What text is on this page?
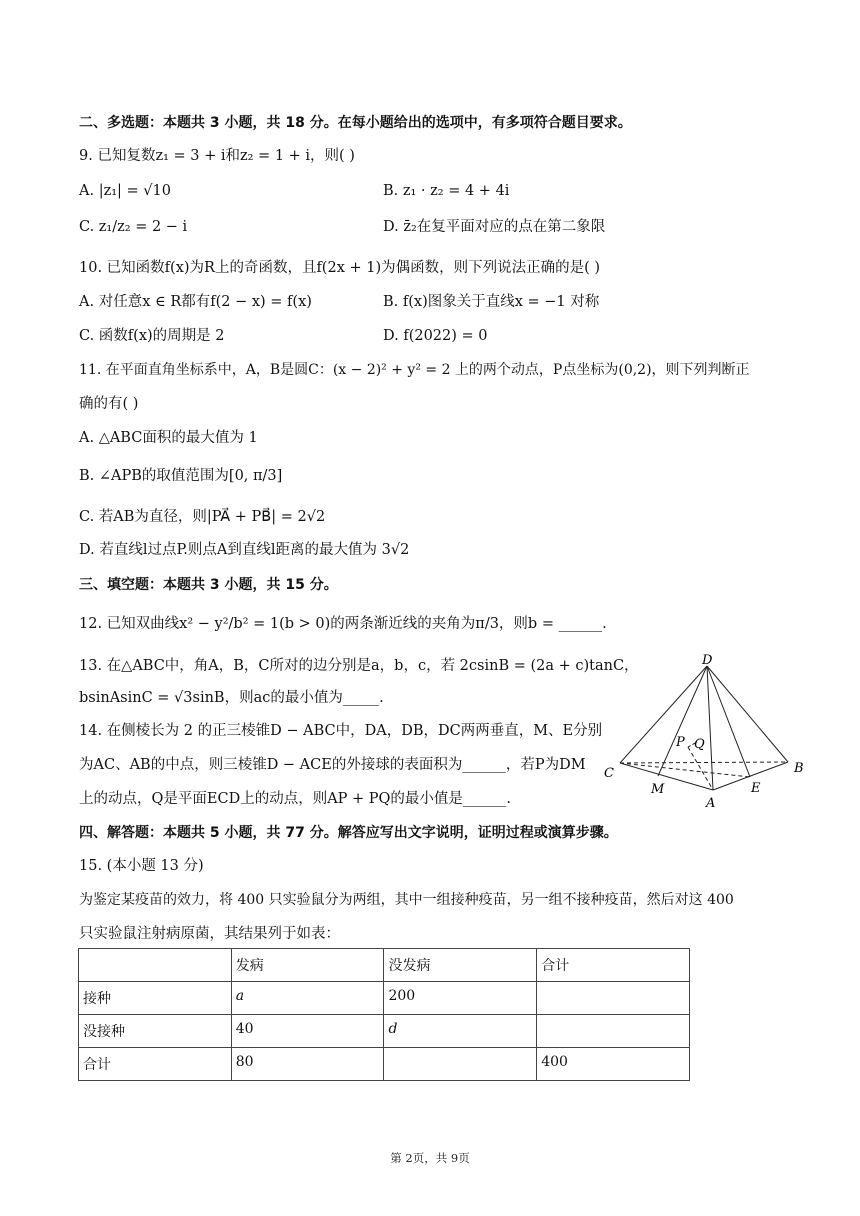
二、多选题：本题共 3 小题，共 18 分。在每小题给出的选项中，有多项符合题目要求。
9. 已知复数z₁ = 3 + i和z₂ = 1 + i，则( )
A. |z₁| = √10	B. z₁ · z₂ = 4 + 4i
C. z₁/z₂ = 2 − i	D. z̄₂在复平面对应的点在第二象限
10. 已知函数f(x)为R上的奇函数，且f(2x + 1)为偶函数，则下列说法正确的是( )
A. 对任意x ∈ R都有f(2 − x) = f(x)	B. f(x)图象关于直线x = −1 对称
C. 函数f(x)的周期是 2	D. f(2022) = 0
11. 在平面直角坐标系中，A，B是圆C：(x − 2)² + y² = 2 上的两个动点，P点坐标为(0,2)，则下列判断正
确的有( )
A. △ABC面积的最大值为 1
B. ∠APB的取值范围为[0, π/3]
C. 若AB为直径，则|PA⃗ + PB⃗| = 2√2
D. 若直线l过点P.则点A到直线l距离的最大值为 3√2
三、填空题：本题共 3 小题，共 15 分。
12. 已知双曲线x² − y²/b² = 1(b > 0)的两条渐近线的夹角为π/3，则b = ______.
13. 在△ABC中，角A，B，C所对的边分别是a，b，c，若 2csinB = (2a + c)tanC，
bsinAsinC = √3sinB，则ac的最小值为_____.
14. 在侧棱长为 2 的正三棱锥D − ABC中，DA，DB，DC两两垂直，M、E分别
为AC、AB的中点，则三棱锥D − ACE的外接球的表面积为______，若P为DM
上的动点，Q是平面ECD上的动点，则AP + PQ的最小值是______.
D
P Q
C
M
A
E
B
四、解答题：本题共 5 小题，共 77 分。解答应写出文字说明，证明过程或演算步骤。
15. (本小题 13 分)
为鉴定某疫苗的效力，将 400 只实验鼠分为两组，其中一组接种疫苗，另一组不接种疫苗，然后对这 400
只实验鼠注射病原菌，其结果列于如表：
	发病	没发病	合计
接种	a	200	
没接种	40	d	
合计	80		400
第 2页，共 9页
